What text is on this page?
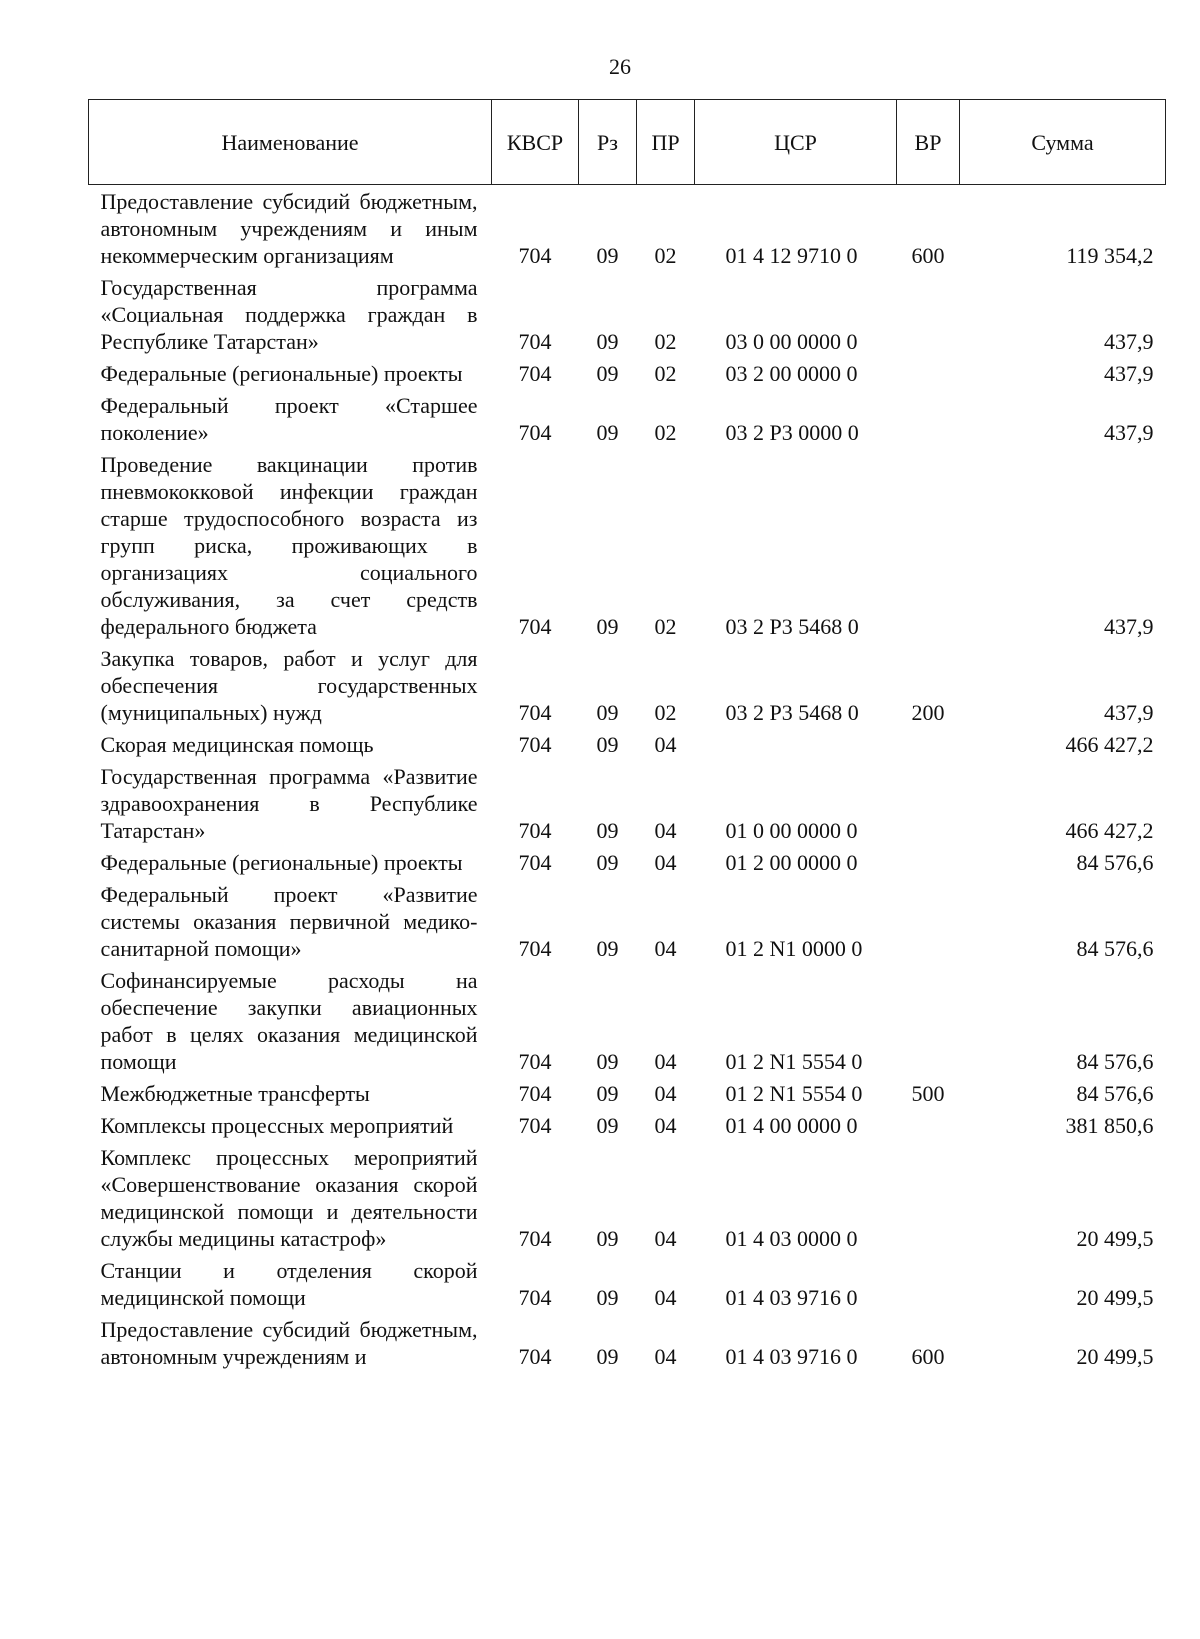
26
Наименование	КВСР	Рз	ПР	ЦСР	ВР	Сумма
Предоставление субсидий бюджетным, автономным учреждениям и иным некоммерческим организациям	704	09	02	01 4 12 9710 0	600	119 354,2
Государственная программа «Социальная поддержка граждан в Республике Татарстан»	704	09	02	03 0 00 0000 0		437,9
Федеральные (региональные) проекты	704	09	02	03 2 00 0000 0		437,9
Федеральный проект «Старшее поколение»	704	09	02	03 2 Р3 0000 0		437,9
Проведение вакцинации против пневмококковой инфекции граждан старше трудоспособного возраста из групп риска, проживающих в организациях социального обслуживания, за счет средств федерального бюджета	704	09	02	03 2 Р3 5468 0		437,9
Закупка товаров, работ и услуг для обеспечения государственных (муниципальных) нужд	704	09	02	03 2 Р3 5468 0	200	437,9
Скорая медицинская помощь	704	09	04			466 427,2
Государственная программа «Развитие здравоохранения в Республике Татарстан»	704	09	04	01 0 00 0000 0		466 427,2
Федеральные (региональные) проекты	704	09	04	01 2 00 0000 0		84 576,6
Федеральный проект «Развитие системы оказания первичной медико-санитарной помощи»	704	09	04	01 2 N1 0000 0		84 576,6
Софинансируемые расходы на обеспечение закупки авиационных работ в целях оказания медицинской помощи	704	09	04	01 2 N1 5554 0		84 576,6
Межбюджетные трансферты	704	09	04	01 2 N1 5554 0	500	84 576,6
Комплексы процессных мероприятий	704	09	04	01 4 00 0000 0		381 850,6
Комплекс процессных мероприятий «Совершенствование оказания скорой медицинской помощи и деятельности службы медицины катастроф»	704	09	04	01 4 03 0000 0		20 499,5
Станции и отделения скорой медицинской помощи	704	09	04	01 4 03 9716 0		20 499,5
Предоставление субсидий бюджетным, автономным учреждениям и	704	09	04	01 4 03 9716 0	600	20 499,5
